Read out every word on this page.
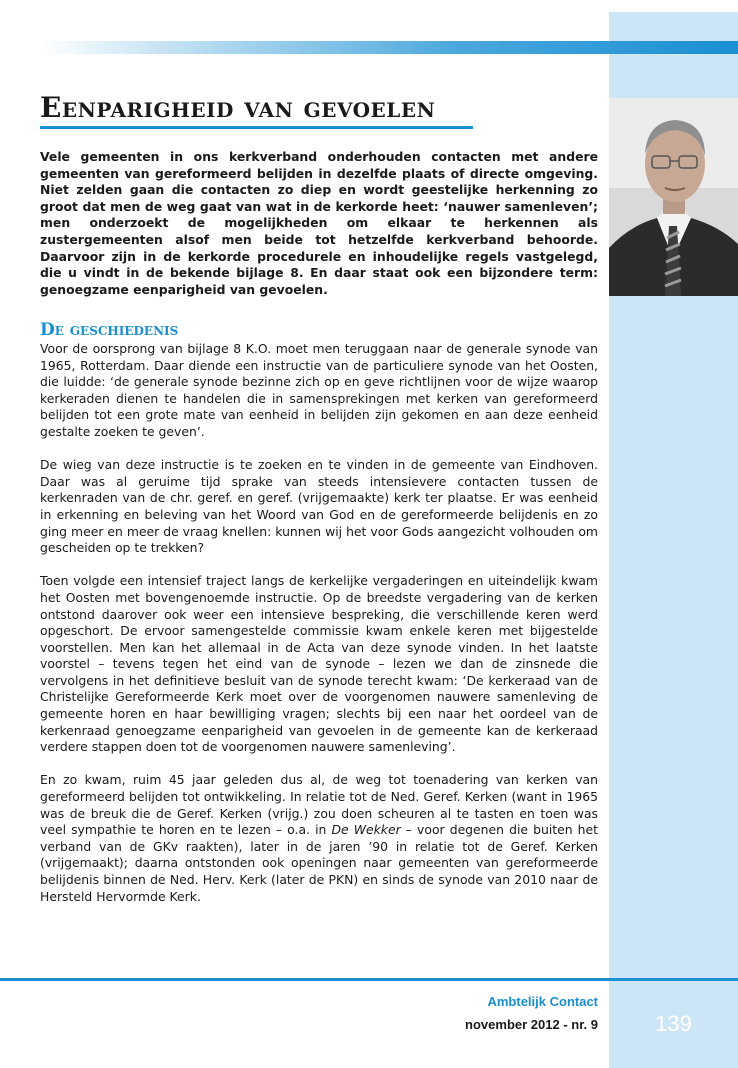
Eenparigheid van gevoelen

Vele gemeenten in ons kerkverband onderhouden contacten met andere gemeenten van gereformeerd belijden in dezelfde plaats of directe omgeving. Niet zelden gaan die contacten zo diep en wordt geestelijke herkenning zo groot dat men de weg gaat van wat in de kerkorde heet: ‘nauwer samenleven’; men onderzoekt de mogelijkheden om elkaar te herkennen als zustergemeenten alsof men beide tot hetzelfde kerkverband behoorde. Daarvoor zijn in de kerkorde procedurele en inhoudelijke regels vastgelegd, die u vindt in de bekende bijlage 8. En daar staat ook een bijzondere term: genoegzame eenparigheid van gevoelen.

De geschiedenis

Voor de oorsprong van bijlage 8 K.O. moet men teruggaan naar de generale synode van 1965, Rotterdam. Daar diende een instructie van de particuliere synode van het Oosten, die luidde: ‘de generale synode bezinne zich op en geve richtlijnen voor de wijze waarop kerkeraden dienen te handelen die in samensprekingen met kerken van gereformeerd belijden tot een grote mate van eenheid in belijden zijn gekomen en aan deze eenheid gestalte zoeken te geven’.

De wieg van deze instructie is te zoeken en te vinden in de gemeente van Eindhoven. Daar was al geruime tijd sprake van steeds intensievere contacten tussen de kerkenraden van de chr. geref. en geref. (vrijgemaakte) kerk ter plaatse. Er was eenheid in erkenning en beleving van het Woord van God en de gereformeerde belijdenis en zo ging meer en meer de vraag knellen: kunnen wij het voor Gods aangezicht volhouden om gescheiden op te trekken?

Toen volgde een intensief traject langs de kerkelijke vergaderingen en uiteindelijk kwam het Oosten met bovengenoemde instructie. Op de breedste vergadering van de kerken ontstond daarover ook weer een intensieve bespreking, die verschillende keren werd opgeschort. De ervoor samengestelde commissie kwam enkele keren met bijgestelde voorstellen. Men kan het allemaal in de Acta van deze synode vinden. In het laatste voorstel – tevens tegen het eind van de synode – lezen we dan de zinsnede die vervolgens in het definitieve besluit van de synode terecht kwam: ‘De kerkeraad van de Christelijke Gereformeerde Kerk moet over de voorgenomen nauwere samenleving de gemeente horen en haar bewilliging vragen; slechts bij een naar het oordeel van de kerkenraad genoegzame eenparigheid van gevoelen in de gemeente kan de kerkeraad verdere stappen doen tot de voorgenomen nauwere samenleving’.

En zo kwam, ruim 45 jaar geleden dus al, de weg tot toenadering van kerken van gereformeerd belijden tot ontwikkeling. In relatie tot de Ned. Geref. Kerken (want in 1965 was de breuk die de Geref. Kerken (vrijg.) zou doen scheuren al te tasten en toen was veel sympathie te horen en te lezen – o.a. in De Wekker – voor degenen die buiten het verband van de GKv raakten), later in de jaren ’90 in relatie tot de Geref. Kerken (vrijgemaakt); daarna ontstonden ook openingen naar gemeenten van gereformeerde belijdenis binnen de Ned. Herv. Kerk (later de PKN) en sinds de synode van 2010 naar de Hersteld Hervormde Kerk.

Ambtelijk Contact
november 2012 - nr. 9	139
